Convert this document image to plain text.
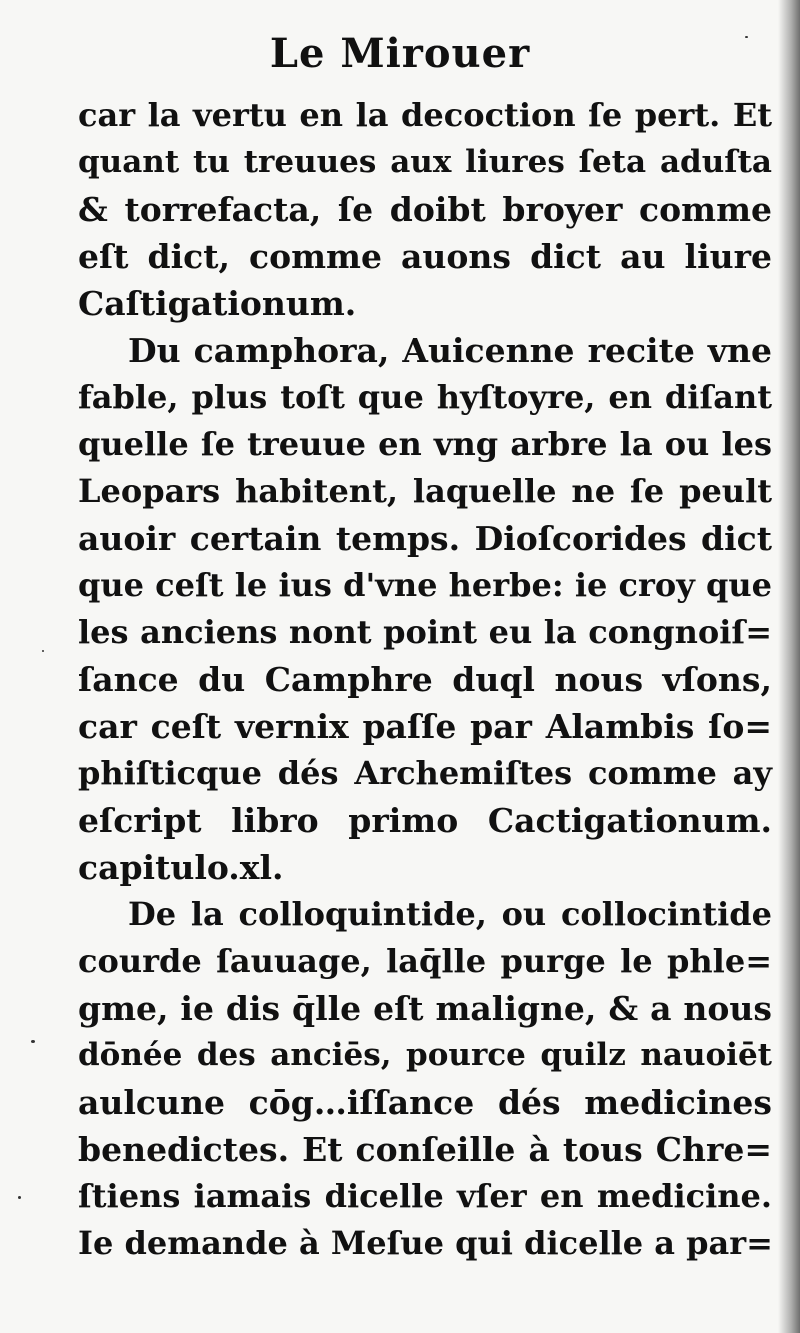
Le Mirouer
car la vertu en la decoction ſe pert. Et
quant tu treuues aux liures ſeta aduſta
& torrefacta, ſe doibt broyer comme
eſt dict, comme auons dict au liure
Caſtigationum.
Du camphora, Auicenne recite vne
fable, plus toſt que hyſtoyre, en diſant
quelle ſe treuue en vng arbre la ou les
Leopars habitent, laquelle ne ſe peult
auoir certain temps. Dioſcorides dict
que ceſt le ius d'vne herbe: ie croy que
les anciens nont point eu la congnoiſ=
ſance du Camphre duql nous vſons,
car ceſt vernix paſſe par Alambis ſo=
phiſticque dés Archemiſtes comme ay
eſcript libro primo Cactigationum.
capitulo.xl.
De la colloquintide, ou collocintide
courde ſauuage, laq̄lle purge le phle=
gme, ie dis q̄lle eſt maligne, & a nous
dōnée des anciēs, pource quilz nauoiēt
aulcune cōg…iſſance dés medicines
benedictes. Et conſeille à tous Chre=
ſtiens iamais dicelle vſer en medicine.
Ie demande à Meſue qui dicelle a par=
